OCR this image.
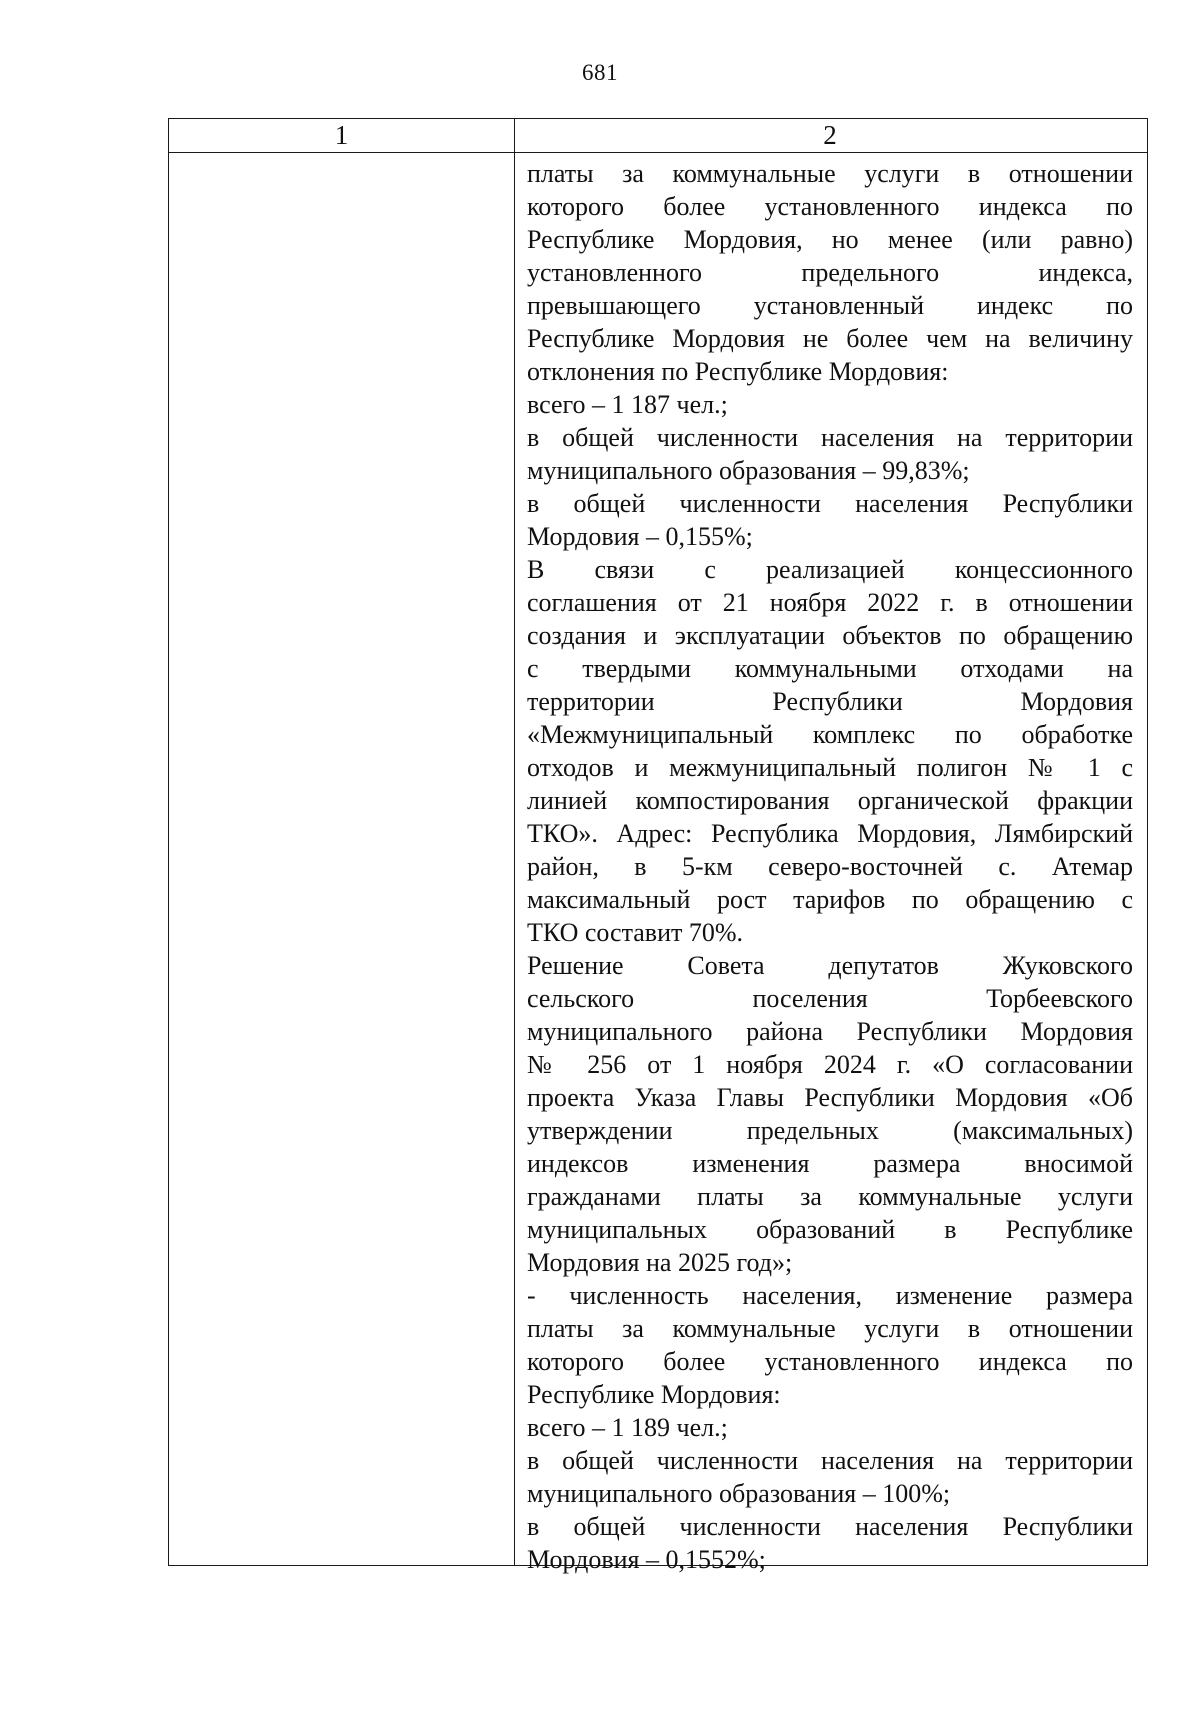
681
1	2
платы за коммунальные услуги в отношении
которого более установленного индекса по
Республике Мордовия, но менее (или равно)
установленного предельного индекса,
превышающего установленный индекс по
Республике Мордовия не более чем на величину
отклонения по Республике Мордовия:
всего – 1 187 чел.;
в общей численности населения на территории
муниципального образования – 99,83%;
в общей численности населения Республики
Мордовия – 0,155%;
В связи с реализацией концессионного
соглашения от 21 ноября 2022 г. в отношении
создания и эксплуатации объектов по обращению
с твердыми коммунальными отходами на
территории Республики Мордовия
«Межмуниципальный комплекс по обработке
отходов и межмуниципальный полигон № 1 с
линией компостирования органической фракции
ТКО». Адрес: Республика Мордовия, Лямбирский
район, в 5-км северо-восточней с. Атемар
максимальный рост тарифов по обращению с
ТКО составит 70%.
Решение Совета депутатов Жуковского
сельского поселения Торбеевского
муниципального района Республики Мордовия
№ 256 от 1 ноября 2024 г. «О согласовании
проекта Указа Главы Республики Мордовия «Об
утверждении предельных (максимальных)
индексов изменения размера вносимой
гражданами платы за коммунальные услуги
муниципальных образований в Республике
Мордовия на 2025 год»;
- численность населения, изменение размера
платы за коммунальные услуги в отношении
которого более установленного индекса по
Республике Мордовия:
всего – 1 189 чел.;
в общей численности населения на территории
муниципального образования – 100%;
в общей численности населения Республики
Мордовия – 0,1552%;
